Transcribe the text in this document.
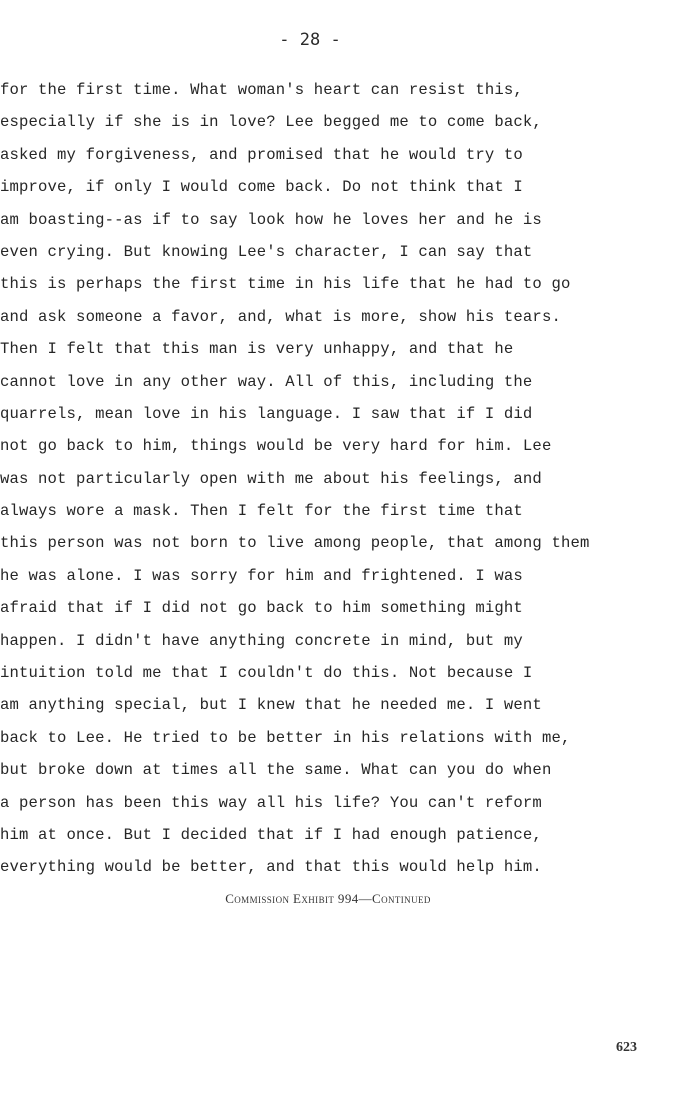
- 28 -
for the first time. What woman's heart can resist this,
especially if she is in love? Lee begged me to come back,
asked my forgiveness, and promised that he would try to
improve, if only I would come back. Do not think that I
am boasting--as if to say look how he loves her and he is
even crying. But knowing Lee's character, I can say that
this is perhaps the first time in his life that he had to go
and ask someone a favor, and, what is more, show his tears.
Then I felt that this man is very unhappy, and that he
cannot love in any other way. All of this, including the
quarrels, mean love in his language. I saw that if I did
not go back to him, things would be very hard for him. Lee
was not particularly open with me about his feelings, and
always wore a mask. Then I felt for the first time that
this person was not born to live among people, that among them
he was alone. I was sorry for him and frightened. I was
afraid that if I did not go back to him something might
happen. I didn't have anything concrete in mind, but my
intuition told me that I couldn't do this. Not because I
am anything special, but I knew that he needed me. I went
back to Lee. He tried to be better in his relations with me,
but broke down at times all the same. What can you do when
a person has been this way all his life? You can't reform
him at once. But I decided that if I had enough patience,
everything would be better, and that this would help him.
Commission Exhibit 994—Continued
623
